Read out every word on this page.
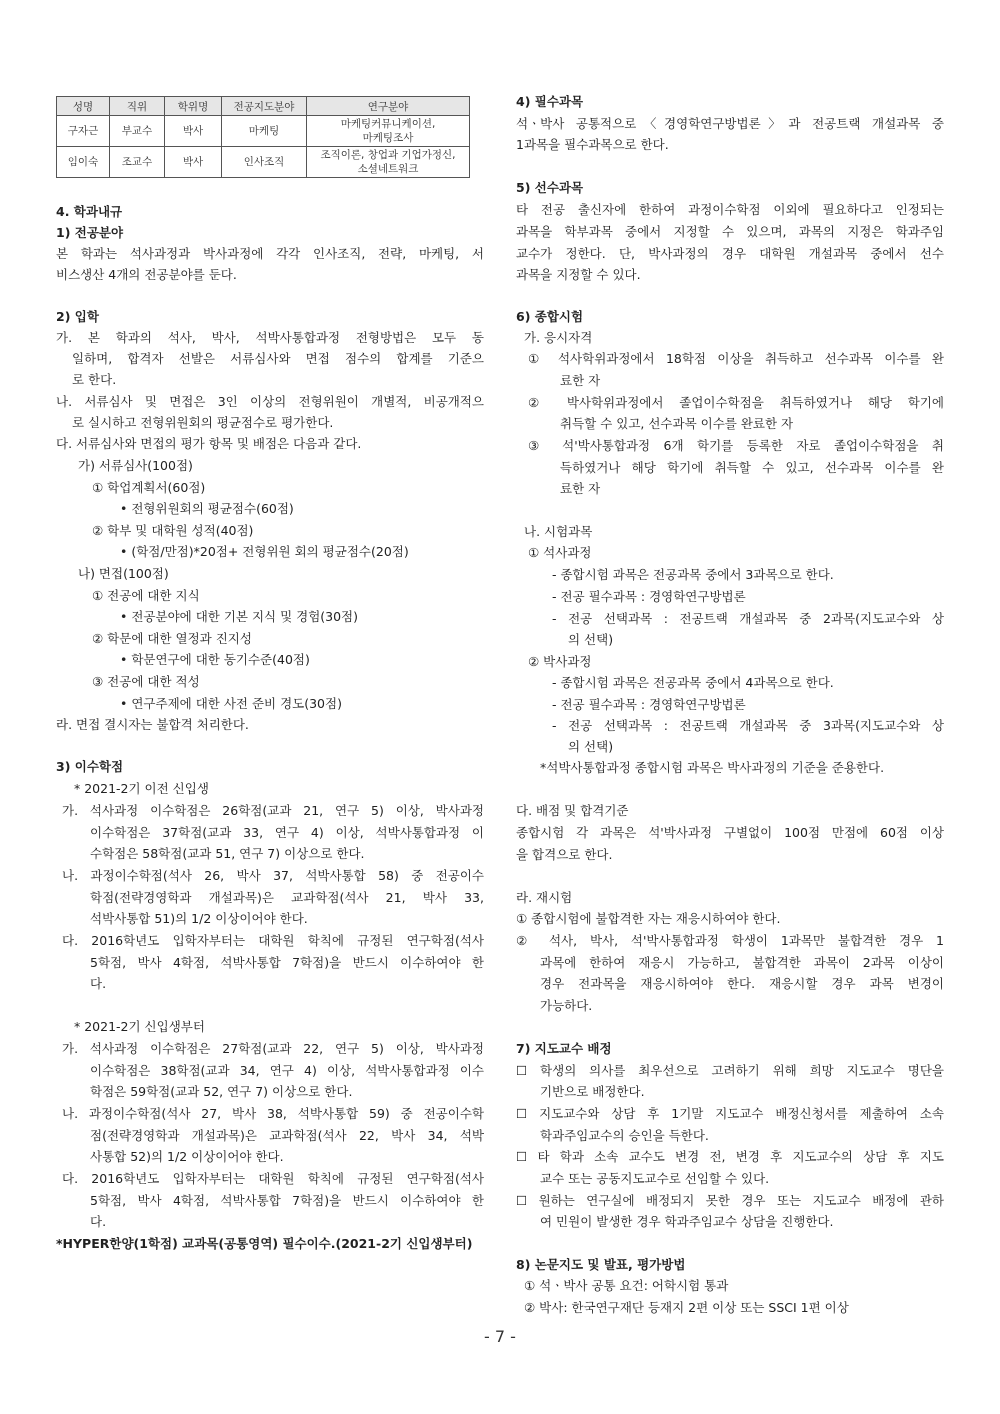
성명	직위	학위명	전공지도분야	연구분야
구자근	부교수	박사	마케팅	마케팅커뮤니케이션,
마케팅조사
임이숙	조교수	박사	인사조직	조직이론, 창업과 기업가정신,
소셜네트워크
4. 학과내규
1) 전공분야
본 학과는 석사과정과 박사과정에 각각 인사조직, 전략, 마케팅, 서
비스생산 4개의 전공분야를 둔다.
2) 입학
가. 본 학과의 석사, 박사, 석박사통합과정 전형방법은 모두 동
일하며, 합격자 선발은 서류심사와 면접 점수의 합계를 기준으
로 한다.
나. 서류심사 및 면접은 3인 이상의 전형위원이 개별적, 비공개적으
로 실시하고 전형위원회의 평균점수로 평가한다.
다. 서류심사와 면접의 평가 항목 및 배점은 다음과 같다.
가) 서류심사(100점)
① 학업계획서(60점)
• 전형위원회의 평균점수(60점)
② 학부 및 대학원 성적(40점)
• (학점/만점)*20점+ 전형위원 회의 평균점수(20점)
나) 면접(100점)
① 전공에 대한 지식
• 전공분야에 대한 기본 지식 및 경험(30점)
② 학문에 대한 열정과 진지성
• 학문연구에 대한 동기수준(40점)
③ 전공에 대한 적성
• 연구주제에 대한 사전 준비 경도(30점)
라. 면접 결시자는 불합격 처리한다.
3) 이수학점
* 2021-2기 이전 신입생
가. 석사과정 이수학점은 26학점(교과 21, 연구 5) 이상, 박사과정
이수학점은 37학점(교과 33, 연구 4) 이상, 석박사통합과정 이
수학점은 58학점(교과 51, 연구 7) 이상으로 한다.
나. 과정이수학점(석사 26, 박사 37, 석박사통합 58) 중 전공이수
학점(전략경영학과 개설과목)은 교과학점(석사 21, 박사 33,
석박사통합 51)의 1/2 이상이어야 한다.
다. 2016학년도 입학자부터는 대학원 학칙에 규정된 연구학점(석사
5학점, 박사 4학점, 석박사통합 7학점)을 반드시 이수하여야 한
다.
* 2021-2기 신입생부터
가. 석사과정 이수학점은 27학점(교과 22, 연구 5) 이상, 박사과정
이수학점은 38학점(교과 34, 연구 4) 이상, 석박사통합과정 이수
학점은 59학점(교과 52, 연구 7) 이상으로 한다.
나. 과정이수학점(석사 27, 박사 38, 석박사통합 59) 중 전공이수학
점(전략경영학과 개설과목)은 교과학점(석사 22, 박사 34, 석박
사통합 52)의 1/2 이상이어야 한다.
다. 2016학년도 입학자부터는 대학원 학칙에 규정된 연구학점(석사
5학점, 박사 4학점, 석박사통합 7학점)을 반드시 이수하여야 한
다.
*HYPER한양(1학점) 교과목(공통영역) 필수이수.(2021-2기 신입생부터)
4) 필수과목
석ㆍ박사 공통적으로〈경영학연구방법론〉과 전공트랙 개설과목 중
1과목을 필수과목으로 한다.
5) 선수과목
타 전공 출신자에 한하여 과정이수학점 이외에 필요하다고 인정되는
과목을 학부과목 중에서 지정할 수 있으며, 과목의 지정은 학과주임
교수가 정한다. 단, 박사과정의 경우 대학원 개설과목 중에서 선수
과목을 지정할 수 있다.
6) 종합시험
가. 응시자격
① 석사학위과정에서 18학점 이상을 취득하고 선수과목 이수를 완
료한 자
② 박사학위과정에서 졸업이수학점을 취득하였거나 해당 학기에
취득할 수 있고, 선수과목 이수를 완료한 자
③ 석'박사통합과정 6개 학기를 등록한 자로 졸업이수학점을 취
득하였거나 해당 학기에 취득할 수 있고, 선수과목 이수를 완
료한 자
나. 시험과목
① 석사과정
- 종합시험 과목은 전공과목 중에서 3과목으로 한다.
- 전공 필수과목 : 경영학연구방법론
- 전공 선택과목 : 전공트랙 개설과목 중 2과목(지도교수와 상
의 선택)
② 박사과정
- 종합시험 과목은 전공과목 중에서 4과목으로 한다.
- 전공 필수과목 : 경영학연구방법론
- 전공 선택과목 : 전공트랙 개설과목 중 3과목(지도교수와 상
의 선택)
*석박사통합과정 종합시험 과목은 박사과정의 기준을 준용한다.
다. 배점 및 합격기준
종합시험 각 과목은 석'박사과정 구별없이 100점 만점에 60점 이상
을 합격으로 한다.
라. 재시험
① 종합시험에 불합격한 자는 재응시하여야 한다.
② 석사, 박사, 석'박사통합과정 학생이 1과목만 불합격한 경우 1
과목에 한하여 재응시 가능하고, 불합격한 과목이 2과목 이상이
경우 전과목을 재응시하여야 한다. 재응시할 경우 과목 변경이
가능하다.
7) 지도교수 배정
☐ 학생의 의사를 최우선으로 고려하기 위해 희망 지도교수 명단을
기반으로 배정한다.
☐ 지도교수와 상담 후 1기말 지도교수 배정신청서를 제출하여 소속
학과주임교수의 승인을 득한다.
☐ 타 학과 소속 교수도 변경 전, 변경 후 지도교수의 상담 후 지도
교수 또는 공동지도교수로 선임할 수 있다.
☐ 원하는 연구실에 배정되지 못한 경우 또는 지도교수 배정에 관하
여 민원이 발생한 경우 학과주임교수 상담을 진행한다.
8) 논문지도 및 발표, 평가방법
① 석ㆍ박사 공통 요건: 어학시험 통과
② 박사: 한국연구재단 등재지 2편 이상 또는 SSCI 1편 이상
- 7 -
